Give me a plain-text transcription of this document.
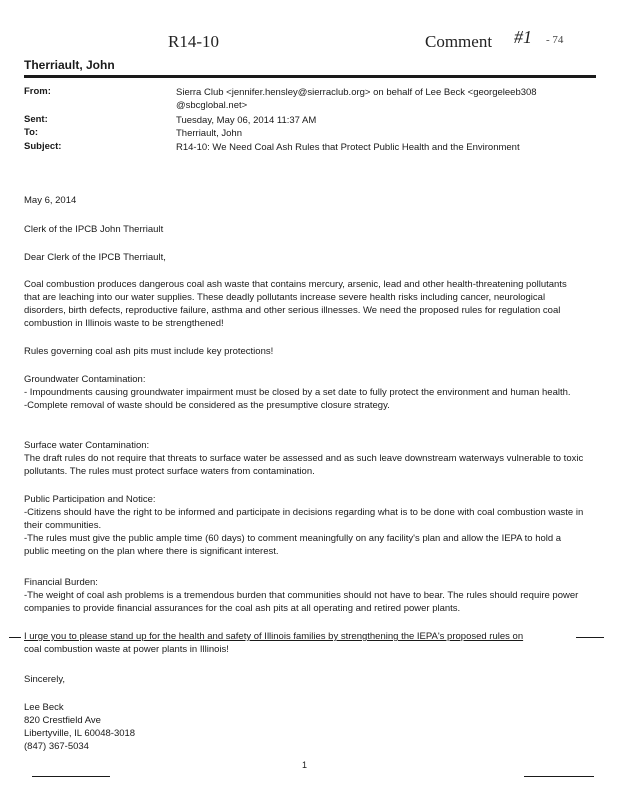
R14-10	Comment #1 - 74
Therriault, John
From:	Sierra Club <jennifer.hensley@sierraclub.org> on behalf of Lee Beck <georgeleeb308
@sbcglobal.net>
Sent:	Tuesday, May 06, 2014 11:37 AM
To:	Therriault, John
Subject:	R14-10: We Need Coal Ash Rules that Protect Public Health and the Environment
May 6, 2014
Clerk of the IPCB John Therriault
Dear Clerk of the IPCB Therriault,

Coal combustion produces dangerous coal ash waste that contains mercury, arsenic, lead and other health-threatening pollutants that are leaching into our water supplies. These deadly pollutants increase severe health risks including cancer, neurological disorders, birth defects, reproductive failure, asthma and other serious illnesses. We need the proposed rules for regulation coal combustion in Illinois waste to be strengthened!

Rules governing coal ash pits must include key protections!

Groundwater Contamination:

- Impoundments causing groundwater impairment must be closed by a set date to fully protect the environment and human health.

-Complete removal of waste should be considered as the presumptive closure strategy.

Surface water Contamination:

The draft rules do not require that threats to surface water be assessed and as such leave downstream waterways vulnerable to toxic pollutants. The rules must protect surface waters from contamination.

Public Participation and Notice:

-Citizens should have the right to be informed and participate in decisions regarding what is to be done with coal combustion waste in their communities.

-The rules must give the public ample time (60 days) to comment meaningfully on any facility's plan and allow the IEPA to hold a public meeting on the plan where there is significant interest.

Financial Burden:

-The weight of coal ash problems is a tremendous burden that communities should not have to bear. The rules should require power companies to provide financial assurances for the coal ash pits at all operating and retired power plants.

I urge you to please stand up for the health and safety of Illinois families by strengthening the IEPA's proposed rules on

coal combustion waste at power plants in Illinois!

Sincerely,

Lee Beck

820 Crestfield Ave

Libertyville, IL 60048-3018

(847) 367-5034

1
